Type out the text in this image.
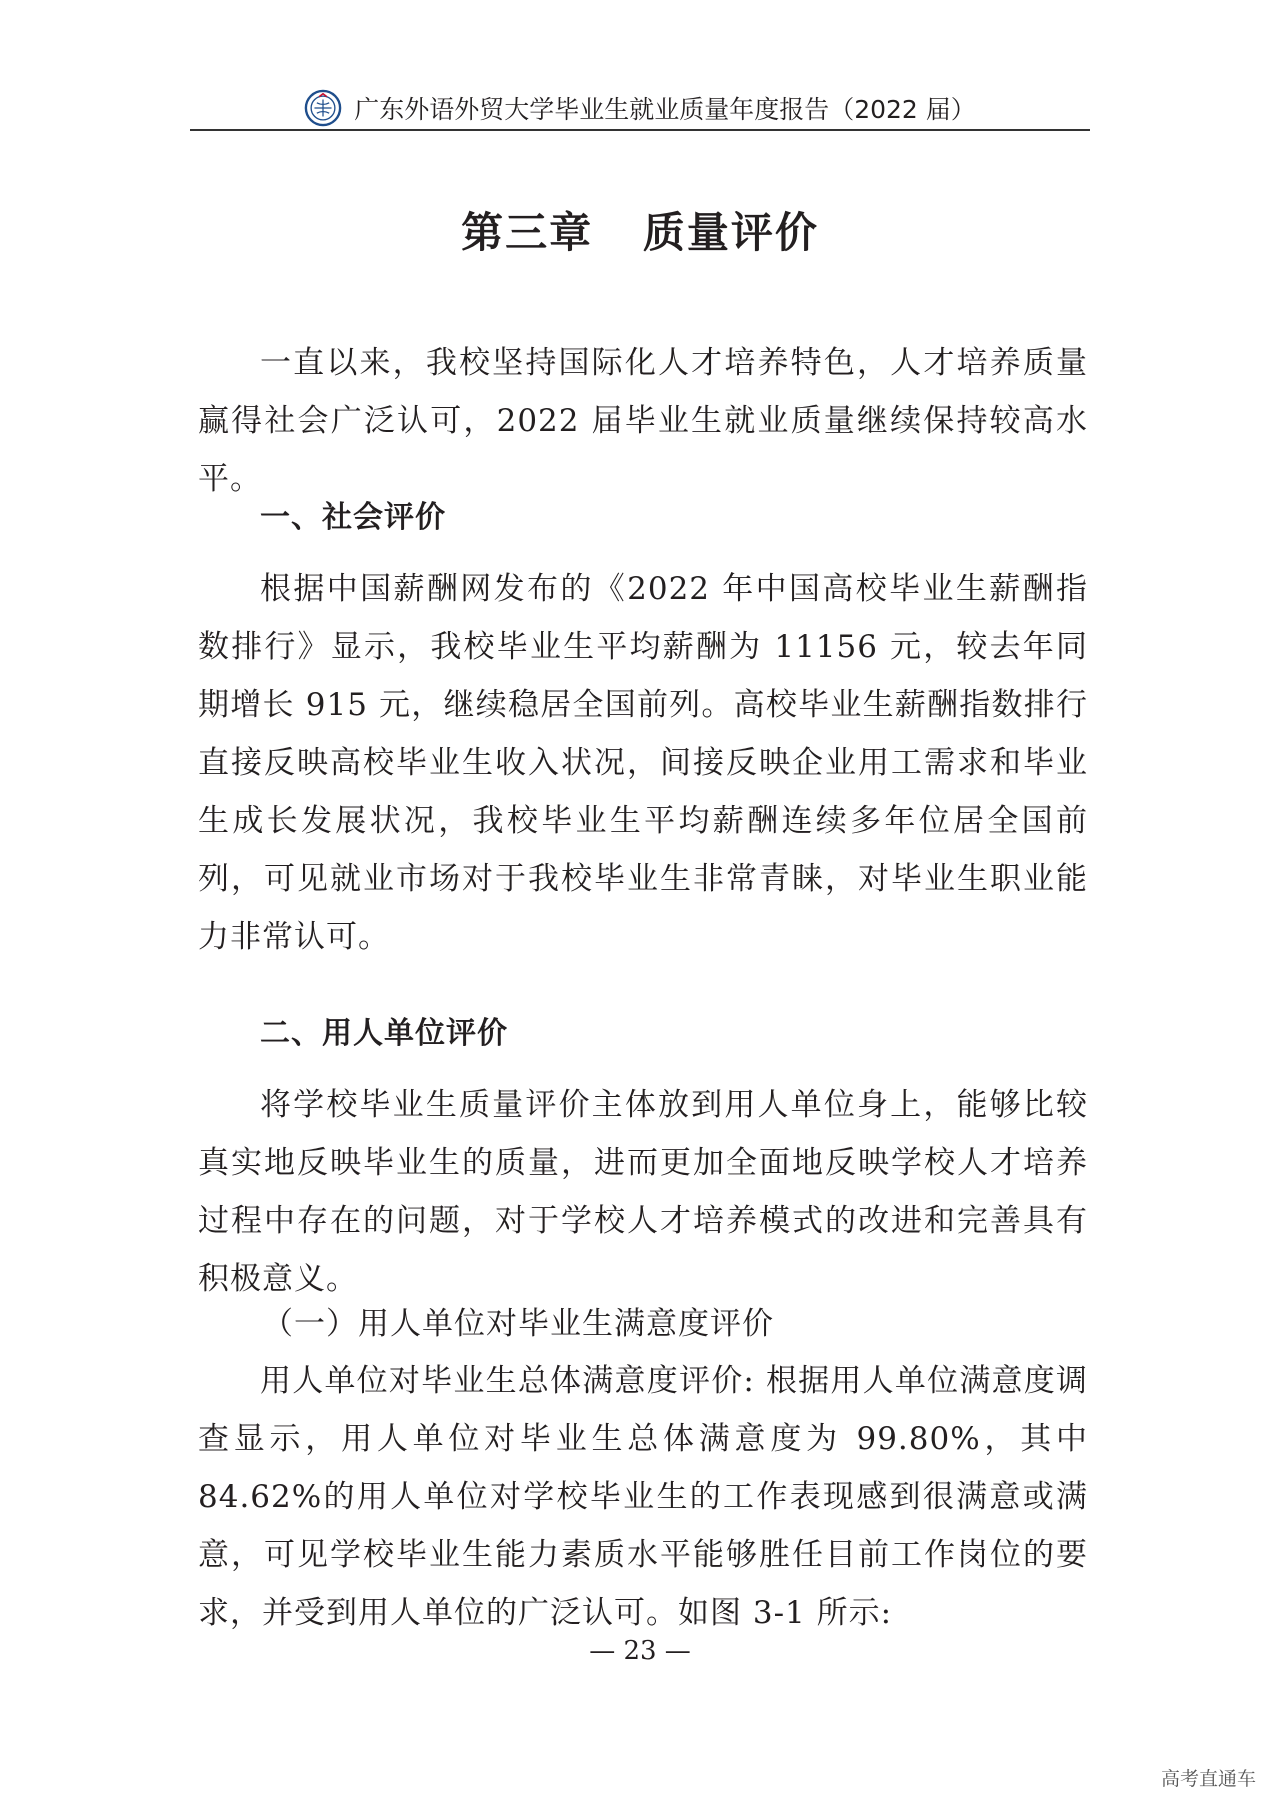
广东外语外贸大学毕业生就业质量年度报告（2022 届）
第三章   质量评价

一直以来，我校坚持国际化人才培养特色，人才培养质量赢得社会广泛认可，2022 届毕业生就业质量继续保持较高水平。

一、社会评价

根据中国薪酬网发布的《2022 年中国高校毕业生薪酬指数排行》显示，我校毕业生平均薪酬为 11156 元，较去年同期增长 915 元，继续稳居全国前列。高校毕业生薪酬指数排行直接反映高校毕业生收入状况，间接反映企业用工需求和毕业生成长发展状况，我校毕业生平均薪酬连续多年位居全国前列，可见就业市场对于我校毕业生非常青睐，对毕业生职业能力非常认可。

二、用人单位评价

将学校毕业生质量评价主体放到用人单位身上，能够比较真实地反映毕业生的质量，进而更加全面地反映学校人才培养过程中存在的问题，对于学校人才培养模式的改进和完善具有积极意义。

（一）用人单位对毕业生满意度评价

用人单位对毕业生总体满意度评价: 根据用人单位满意度调查显示，用人单位对毕业生总体满意度为 99.80%，其中 84.62%的用人单位对学校毕业生的工作表现感到很满意或满意，可见学校毕业生能力素质水平能够胜任目前工作岗位的要求，并受到用人单位的广泛认可。如图 3-1 所示:

— 23 —
高考直通车
